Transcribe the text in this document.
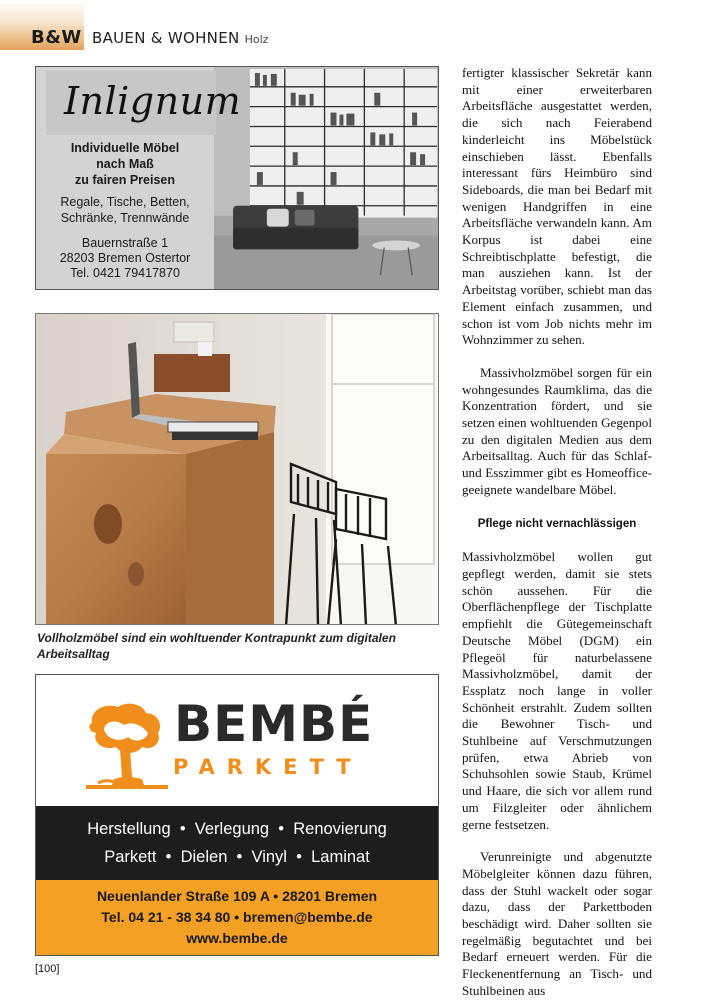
B&W BAUEN & WOHNEN Holz
Inlignum
Individuelle Möbel
nach Maß
zu fairen Preisen
Regale, Tische, Betten,
Schränke, Trennwände
Bauernstraße 1
28203 Bremen Ostertor
Tel. 0421 79417870
Vollholzmöbel sind ein wohltuender Kontrapunkt zum digitalen Arbeitsalltag
BEMBÉ
PARKETT
Herstellung  •  Verlegung  •  Renovierung
Parkett  •  Dielen  •  Vinyl  •  Laminat
Neuenlander Straße 109 A • 28201 Bremen
Tel. 04 21 - 38 34 80 • bremen@bembe.de
www.bembe.de
[100]

fertigter klassischer Sekretär kann mit einer erweiterbaren Arbeitsfläche ausgestattet werden, die sich nach Feierabend kinderleicht ins Möbelstück einschieben lässt. Ebenfalls interessant fürs Heimbüro sind Sideboards, die man bei Bedarf mit wenigen Handgriffen in eine Arbeitsfläche verwandeln kann. Am Korpus ist dabei eine Schreibtischplatte befestigt, die man ausziehen kann. Ist der Arbeitstag vorüber, schiebt man das Element einfach zusammen, und schon ist vom Job nichts mehr im Wohnzimmer zu sehen.

Massivholzmöbel sorgen für ein wohngesundes Raumklima, das die Konzentration fördert, und sie setzen einen wohltuenden Gegenpol zu den digitalen Medien aus dem Arbeitsalltag. Auch für das Schlaf- und Esszimmer gibt es Homeoffice-geeignete wandelbare Möbel.

Pflege nicht vernachlässigen

Massivholzmöbel wollen gut gepflegt werden, damit sie stets schön aussehen. Für die Oberflächenpflege der Tischplatte empfiehlt die Gütegemeinschaft Deutsche Möbel (DGM) ein Pflegeöl für naturbelassene Massivholzmöbel, damit der Essplatz noch lange in voller Schönheit erstrahlt. Zudem sollten die Bewohner Tisch- und Stuhlbeine auf Verschmutzungen prüfen, etwa Abrieb von Schuhsohlen sowie Staub, Krümel und Haare, die sich vor allem rund um Filzgleiter oder ähnlichem gerne festsetzen.

Verunreinigte und abgenutzte Möbelgleiter können dazu führen, dass der Stuhl wackelt oder sogar dazu, dass der Parkettboden beschädigt wird. Daher sollten sie regelmäßig begutachtet und bei Bedarf erneuert werden. Für die Fleckenentfernung an Tisch- und Stuhlbeinen aus
